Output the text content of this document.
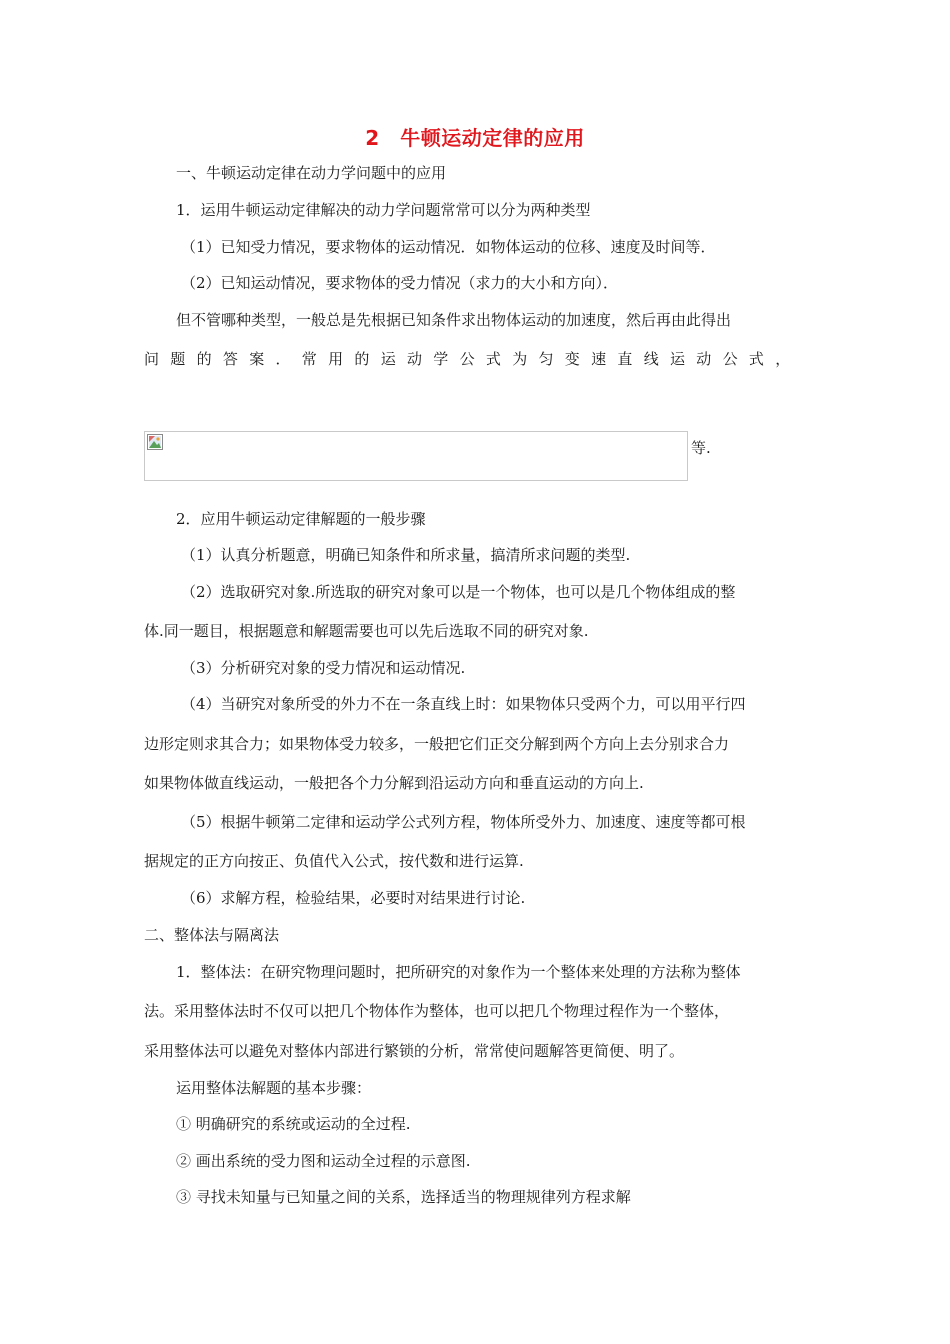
2　牛顿运动定律的应用
一、牛顿运动定律在动力学问题中的应用
1．运用牛顿运动定律解决的动力学问题常常可以分为两种类型
（1）已知受力情况，要求物体的运动情况．如物体运动的位移、速度及时间等．
（2）已知运动情况，要求物体的受力情况（求力的大小和方向）．
但不管哪种类型，一般总是先根据已知条件求出物体运动的加速度，然后再由此得出
问题的答案．常用的运动学公式为匀变速直线运动公式，
等.
2．应用牛顿运动定律解题的一般步骤
（1）认真分析题意，明确已知条件和所求量，搞清所求问题的类型.
（2）选取研究对象.所选取的研究对象可以是一个物体，也可以是几个物体组成的整
体.同一题目，根据题意和解题需要也可以先后选取不同的研究对象.
（3）分析研究对象的受力情况和运动情况.
（4）当研究对象所受的外力不在一条直线上时：如果物体只受两个力，可以用平行四
边形定则求其合力；如果物体受力较多，一般把它们正交分解到两个方向上去分别求合力
如果物体做直线运动，一般把各个力分解到沿运动方向和垂直运动的方向上.
（5）根据牛顿第二定律和运动学公式列方程，物体所受外力、加速度、速度等都可根
据规定的正方向按正、负值代入公式，按代数和进行运算.
（6）求解方程，检验结果，必要时对结果进行讨论.
二、整体法与隔离法
1．整体法：在研究物理问题时，把所研究的对象作为一个整体来处理的方法称为整体
法。采用整体法时不仅可以把几个物体作为整体，也可以把几个物理过程作为一个整体，
采用整体法可以避免对整体内部进行繁锁的分析，常常使问题解答更简便、明了。
运用整体法解题的基本步骤：
① 明确研究的系统或运动的全过程.
② 画出系统的受力图和运动全过程的示意图.
③ 寻找未知量与已知量之间的关系，选择适当的物理规律列方程求解
